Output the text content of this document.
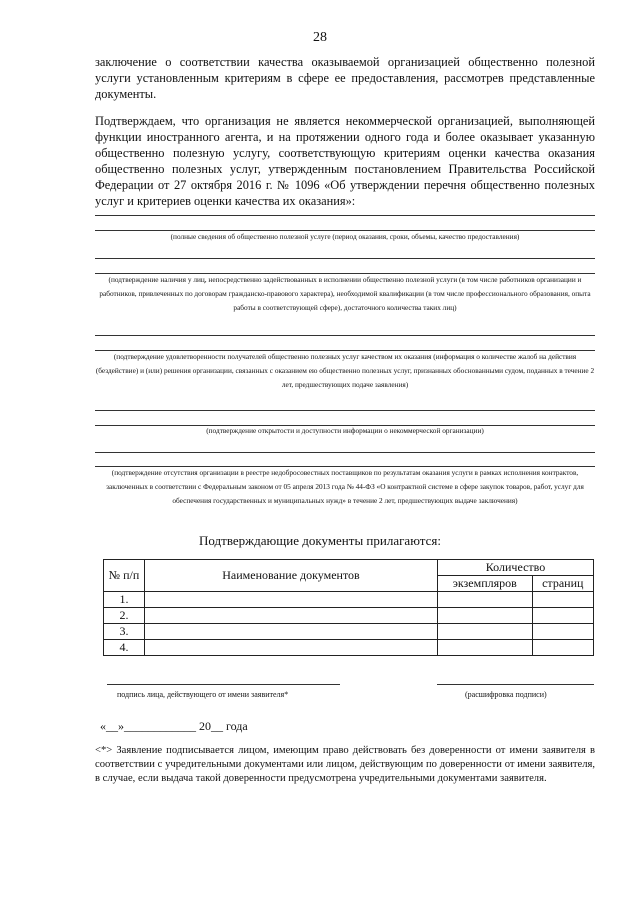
28
заключение о соответствии качества оказываемой организацией общественно полезной услуги установленным критериям в сфере ее предоставления, рассмотрев представленные документы.
Подтверждаем, что организация не является некоммерческой организацией, выполняющей функции иностранного агента, и на протяжении одного года и более оказывает указанную общественно полезную услугу, соответствующую критериям оценки качества оказания общественно полезных услуг, утвержденным постановлением Правительства Российской Федерации от 27 октября 2016 г. № 1096 «Об утверждении перечня общественно полезных услуг и критериев оценки качества их оказания»:
(полные сведения об общественно полезной услуге (период оказания, сроки, объемы, качество предоставления)
(подтверждение наличия у лиц, непосредственно задействованных в исполнении общественно полезной услуги (в том числе работников организации и работников, привлеченных по договорам гражданско-правового характера), необходимой квалификации (в том числе профессионального образования, опыта работы в соответствующей сфере), достаточного количества таких лиц)
(подтверждение удовлетворенности получателей общественно полезных услуг качеством их оказания (информация о количестве жалоб на действия (бездействие) и (или) решения организации, связанных с оказанием ею общественно полезных услуг, признанных обоснованными судом, поданных в течение 2 лет, предшествующих подаче заявления)
(подтверждение открытости и доступности информации о некоммерческой организации)
(подтверждение отсутствия организации в реестре недобросовестных поставщиков по результатам оказания услуги в рамках исполнения контрактов, заключенных в соответствии с Федеральным законом от 05 апреля 2013 года № 44-ФЗ «О контрактной системе в сфере закупок товаров, работ, услуг для обеспечения государственных и муниципальных нужд» в течение 2 лет, предшествующих выдаче заключения)
Подтверждающие документы прилагаются:
№ п/п	Наименование документов	Количество	
		экземпляров	страниц
1.			
2.			
3.			
4.			
подпись лица, действующего от имени заявителя*	(расшифровка подписи)
«__»____________ 20__ года
<*> Заявление подписывается лицом, имеющим право действовать без доверенности от имени заявителя в соответствии с учредительными документами или лицом, действующим по доверенности от имени заявителя, в случае, если выдача такой доверенности предусмотрена учредительными документами заявителя.
